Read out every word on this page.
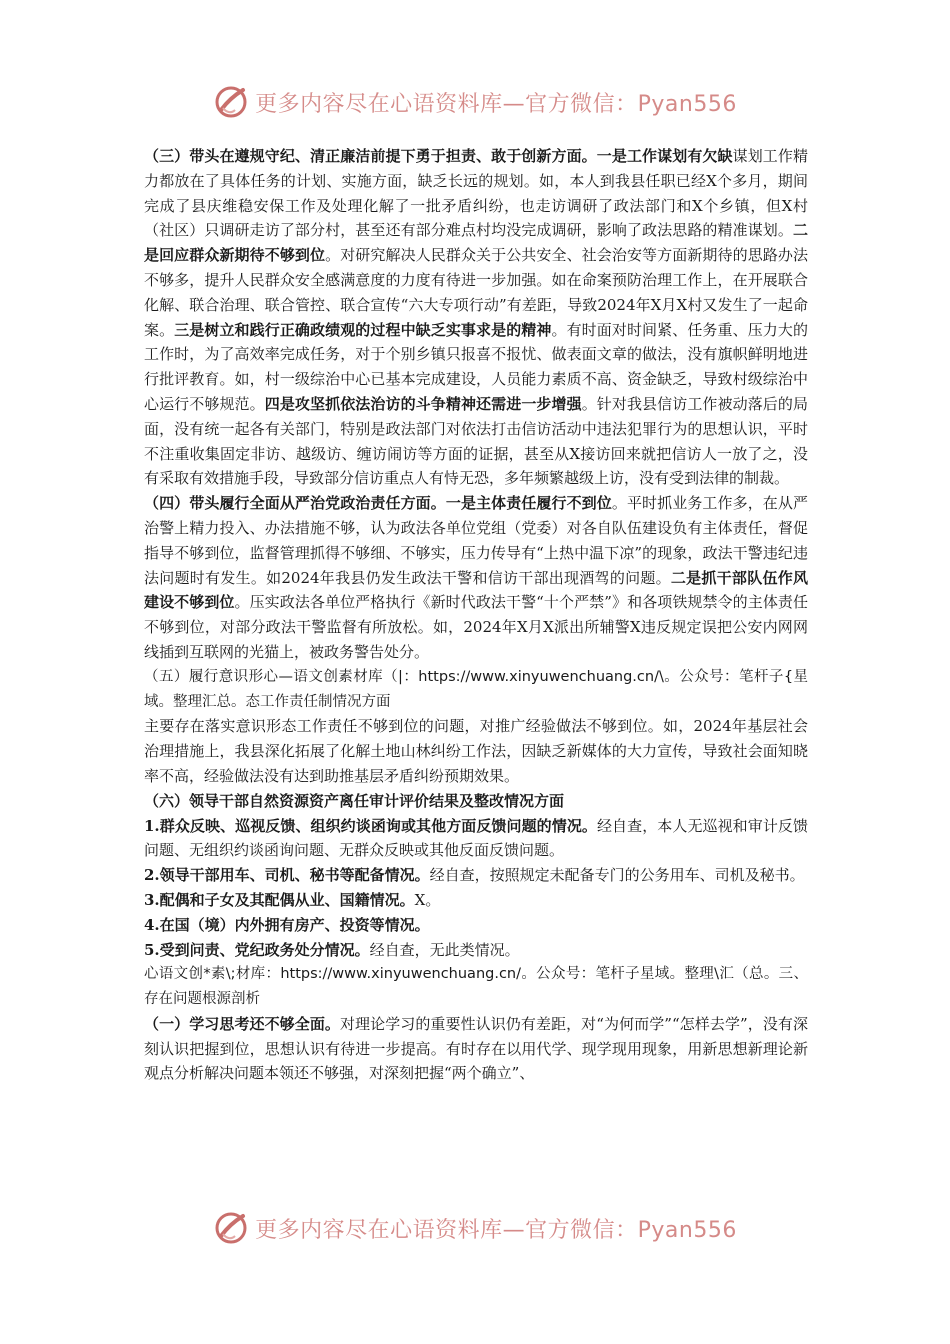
更多内容尽在心语资料库—官方微信：Pyan556

（三）带头在遵规守纪、清正廉洁前提下勇于担责、敢于创新方面。一是工作谋划有欠缺谋划工作精力都放在了具体任务的计划、实施方面，缺乏长远的规划。如，本人到我县任职已经X个多月，期间完成了县庆维稳安保工作及处理化解了一批矛盾纠纷，也走访调研了政法部门和X个乡镇，但X村（社区）只调研走访了部分村，甚至还有部分难点村均没完成调研，影响了政法思路的精准谋划。二是回应群众新期待不够到位。对研究解决人民群众关于公共安全、社会治安等方面新期待的思路办法不够多，提升人民群众安全感满意度的力度有待进一步加强。如在命案预防治理工作上，在开展联合化解、联合治理、联合管控、联合宣传“六大专项行动”有差距，导致2024年X月X村又发生了一起命案。三是树立和践行正确政绩观的过程中缺乏实事求是的精神。有时面对时间紧、任务重、压力大的工作时，为了高效率完成任务，对于个别乡镇只报喜不报忧、做表面文章的做法，没有旗帜鲜明地进行批评教育。如，村一级综治中心已基本完成建设，人员能力素质不高、资金缺乏，导致村级综治中心运行不够规范。四是攻坚抓依法治访的斗争精神还需进一步增强。针对我县信访工作被动落后的局面，没有统一起各有关部门，特别是政法部门对依法打击信访活动中违法犯罪行为的思想认识，平时不注重收集固定非访、越级访、缠访闹访等方面的证据，甚至从X接访回来就把信访人一放了之，没有采取有效措施手段，导致部分信访重点人有恃无恐，多年频繁越级上访，没有受到法律的制裁。

（四）带头履行全面从严治党政治责任方面。一是主体责任履行不到位。平时抓业务工作多，在从严治警上精力投入、办法措施不够，认为政法各单位党组（党委）对各自队伍建设负有主体责任，督促指导不够到位，监督管理抓得不够细、不够实，压力传导有“上热中温下凉”的现象，政法干警违纪违法问题时有发生。如2024年我县仍发生政法干警和信访干部出现酒驾的问题。二是抓干部队伍作风建设不够到位。压实政法各单位严格执行《新时代政法干警“十个严禁”》和各项铁规禁令的主体责任不够到位，对部分政法干警监督有所放松。如，2024年X月X派出所辅警X违反规定误把公安内网网线插到互联网的光猫上，被政务警告处分。

（五）履行意识形心—语文创素材库（|：https://www.xinyuwenchuang.cn/\。公众号：笔杆子{星域。整理汇总。态工作责任制情况方面

主要存在落实意识形态工作责任不够到位的问题，对推广经验做法不够到位。如，2024年基层社会治理措施上，我县深化拓展了化解土地山林纠纷工作法，因缺乏新媒体的大力宣传，导致社会面知晓率不高，经验做法没有达到助推基层矛盾纠纷预期效果。

（六）领导干部自然资源资产离任审计评价结果及整改情况方面

1.群众反映、巡视反馈、组织约谈函询或其他方面反馈问题的情况。经自查，本人无巡视和审计反馈问题、无组织约谈函询问题、无群众反映或其他反面反馈问题。

2.领导干部用车、司机、秘书等配备情况。经自查，按照规定未配备专门的公务用车、司机及秘书。

3.配偶和子女及其配偶从业、国籍情况。X。

4.在国（境）内外拥有房产、投资等情况。

5.受到问责、党纪政务处分情况。经自查，无此类情况。

心语文创*素\;材库：https://www.xinyuwenchuang.cn/。公众号：笔杆子星域。整理\汇（总。三、存在问题根源剖析

（一）学习思考还不够全面。对理论学习的重要性认识仍有差距，对“为何而学”“怎样去学”，没有深刻认识把握到位，思想认识有待进一步提高。有时存在以用代学、现学现用现象，用新思想新理论新观点分析解决问题本领还不够强，对深刻把握“两个确立”、

更多内容尽在心语资料库—官方微信：Pyan556
